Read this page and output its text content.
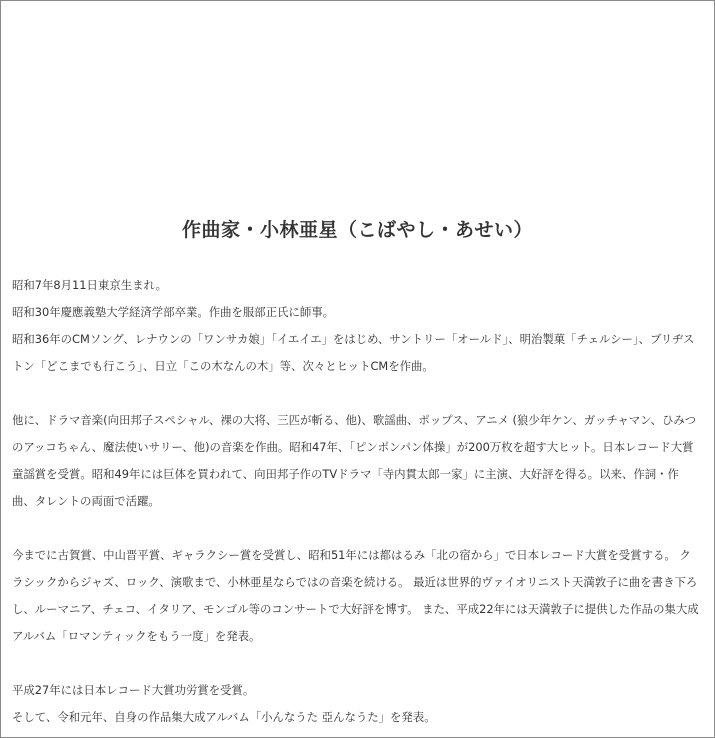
作曲家・小林亜星（こばやし・あせい）

昭和7年8月11日東京生まれ。

昭和30年慶應義塾大学経済学部卒業。作曲を服部正氏に師事。

昭和36年のCMソング、レナウンの「ワンサカ娘」「イエイエ」をはじめ、サントリー「オールド」、明治製菓「チェルシー」、ブリヂストン「どこまでも行こう」、日立「この木なんの木」等、次々とヒットCMを作曲。

他に、ドラマ音楽(向田邦子スペシャル、裸の大将、三匹が斬る、他)、歌謡曲、ポップス、アニメ (狼少年ケン、ガッチャマン、ひみつのアッコちゃん、魔法使いサリー、他)の音楽を作曲。昭和47年、「ピンポンパン体操」が200万枚を超す大ヒット。日本レコード大賞童謡賞を受賞。昭和49年には巨体を買われて、向田邦子作のTVドラマ「寺内貫太郎一家」に主演、大好評を得る。以来、作詞・作曲、タレントの両面で活躍。

今までに古賀賞、中山晋平賞、ギャラクシー賞を受賞し、昭和51年には都はるみ「北の宿から」で日本レコード大賞を受賞する。 クラシックからジャズ、ロック、演歌まで、小林亜星ならではの音楽を続ける。 最近は世界的ヴァイオリニスト天満敦子に曲を書き下ろし、ルーマニア、チェコ、イタリア、モンゴル等のコンサートで大好評を博す。 また、平成22年には天満敦子に提供した作品の集大成アルバム「ロマンティックをもう一度」を発表。

平成27年には日本レコード大賞功労賞を受賞。

そして、令和元年、自身の作品集大成アルバム「小んなうた 亞んなうた」を発表。
